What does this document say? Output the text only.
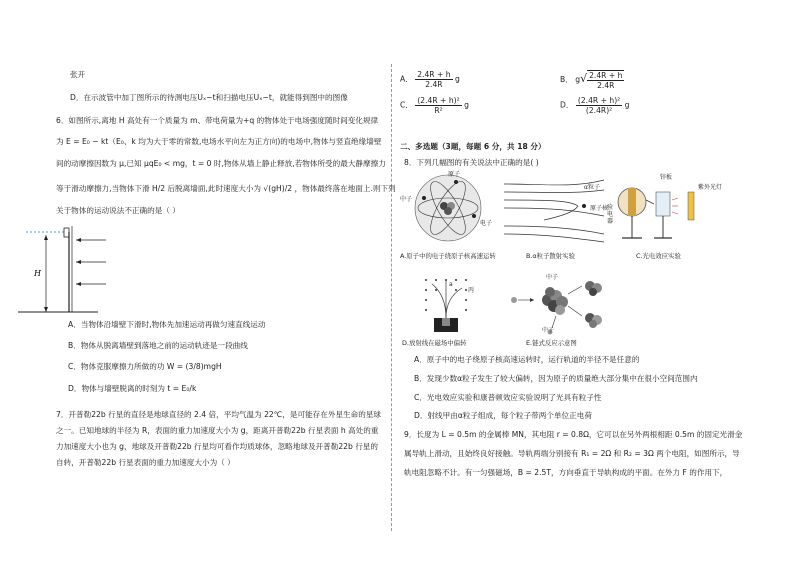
张开
D．在示波管中加丁图所示的待测电压Uₓ−t和扫描电压Uₓ−t，就能得到图中的图像
6．如图所示,离地 H 高处有一个质量为 m、带电荷量为+q 的物体处于电场强度随时间变化规律
为 E = E₀ − kt（E₀、k 均为大于零的常数,电场水平向左为正方向)的电场中,物体与竖直绝缘墙壁
间的动摩擦因数为 μ,已知 μqE₀ < mg，t = 0 时,物体从墙上静止释放,若物体所受的最大静摩擦力
等于滑动摩擦力,当物体下滑 H/2 后脱离墙面,此时速度大小为 √(gH)/2 ，物体最终落在地面上.则下列
关于物体的运动说法不正确的是（ ）
H
A．当物体沿墙壁下滑时,物体先加速运动再做匀速直线运动
B．物体从脱离墙壁到落地之前的运动轨迹是一段曲线
C．物体克服摩擦力所做的功 W = (3/8)mgH
D．物体与墙壁脱离的时刻为 t = E₀/k
7．开普勒22b 行星的直径是地球直径的 2.4 倍，平均气温为 22℃，是可能存在外星生命的星球
之一。已知地球的半径为 R，表面的重力加速度大小为 g，距离开普勒22b 行星表面 h 高处的重
力加速度大小也为 g，地球及开普勒22b 行星均可看作均质球体，忽略地球及开普勒22b 行星的
自转，开普勒22b 行星表面的重力加速度大小为（ ）
A． $\frac{2.4R + h}{2.4R}$ g	B． $g√ \frac{2.4R + h}{2.4R}$
C． $\frac{\text{(2.4R + h)²}}{\text{R²}}$ g	D． $\frac{\text{(2.4R + h)²}}{\text{(2.4R)²}}$ g
二、多选题（3题，每题 6 分，共 18 分）
8．下列几幅图的有关说法中正确的是( )
原子
中子
电子
A.原子中的电子绕原子核高速运转
α粒子
原子核
B.α粒子散射实验
锌板
验电器
紫外光灯
C.光电效应实验
a
丙
D.放射线在磁场中偏转
中子
中子
E.链式反应示意图
A．原子中的电子绕原子核高速运转时，运行轨道的半径不是任意的
B．发现少数α粒子发生了较大偏转，因为原子的质量绝大部分集中在很小空间范围内
C．光电效应实验和康普顿效应实验说明了光具有粒子性
D．射线甲由α粒子组成，每个粒子带两个单位正电荷
9．长度为 L = 0.5m 的金属棒 MN，其电阻 r = 0.8Ω，它可以在另外两根相距 0.5m 的固定光滑金
属导轨上滑动，且始终良好接触。导轨两端分别接有 R₁ = 2Ω 和 R₂ = 3Ω 两个电阻，如图所示，导
轨电阻忽略不计。有一匀强磁场，B = 2.5T，方向垂直于导轨构成的平面。在外力 F 的作用下，
